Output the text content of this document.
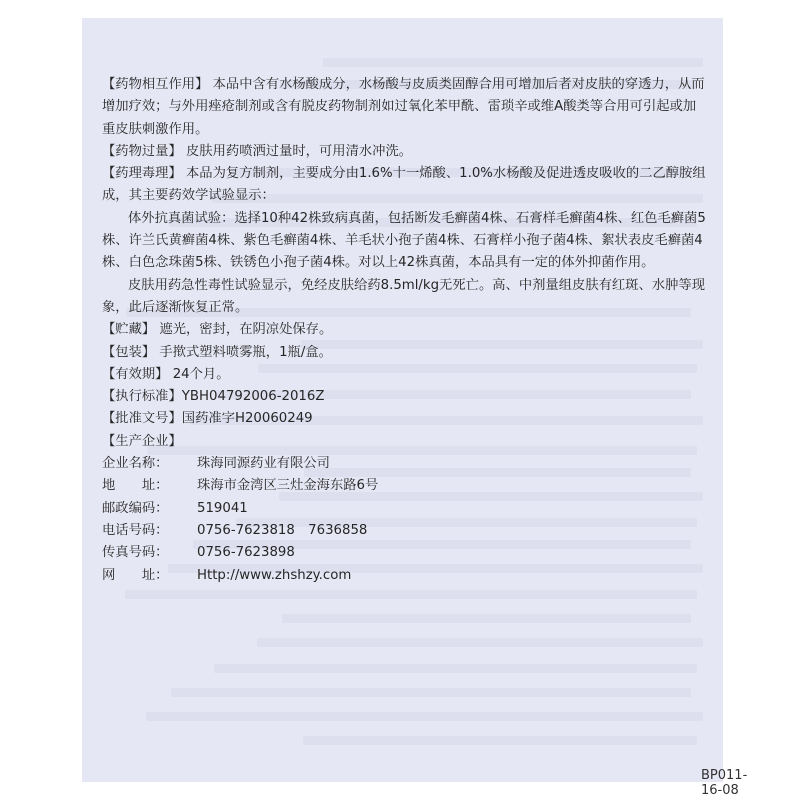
【药物相互作用】 本品中含有水杨酸成分，水杨酸与皮质类固醇合用可增加后者对皮肤的穿透力，从而增加疗效；与外用痤疮制剂或含有脱皮药物制剂如过氧化苯甲酰、雷琐辛或维A酸类等合用可引起或加重皮肤刺激作用。

【药物过量】 皮肤用药喷洒过量时，可用清水冲洗。

【药理毒理】 本品为复方制剂，主要成分由1.6%十一烯酸、1.0%水杨酸及促进透皮吸收的二乙醇胺组成，其主要药效学试验显示：

体外抗真菌试验：选择10种42株致病真菌，包括断发毛癣菌4株、石膏样毛癣菌4株、红色毛癣菌5株、许兰氏黄癣菌4株、紫色毛癣菌4株、羊毛状小孢子菌4株、石膏样小孢子菌4株、絮状表皮毛癣菌4株、白色念珠菌5株、铁锈色小孢子菌4株。对以上42株真菌，本品具有一定的体外抑菌作用。

皮肤用药急性毒性试验显示，免经皮肤给药8.5ml/kg无死亡。高、中剂量组皮肤有红斑、水肿等现象，此后逐渐恢复正常。

【贮藏】 遮光，密封，在阴凉处保存。

【包装】 手揿式塑料喷雾瓶，1瓶/盒。

【有效期】 24个月。

【执行标准】YBH04792006-2016Z

【批准文号】国药准字H20060249

【生产企业】

企业名称：	珠海同源药业有限公司
地　　址：	珠海市金湾区三灶金海东路6号
邮政编码：	519041
电话号码：	0756-7623818　7636858
传真号码：	0756-7623898
网　　址：	Http://www.zhshzy.com
BP011-16-08
